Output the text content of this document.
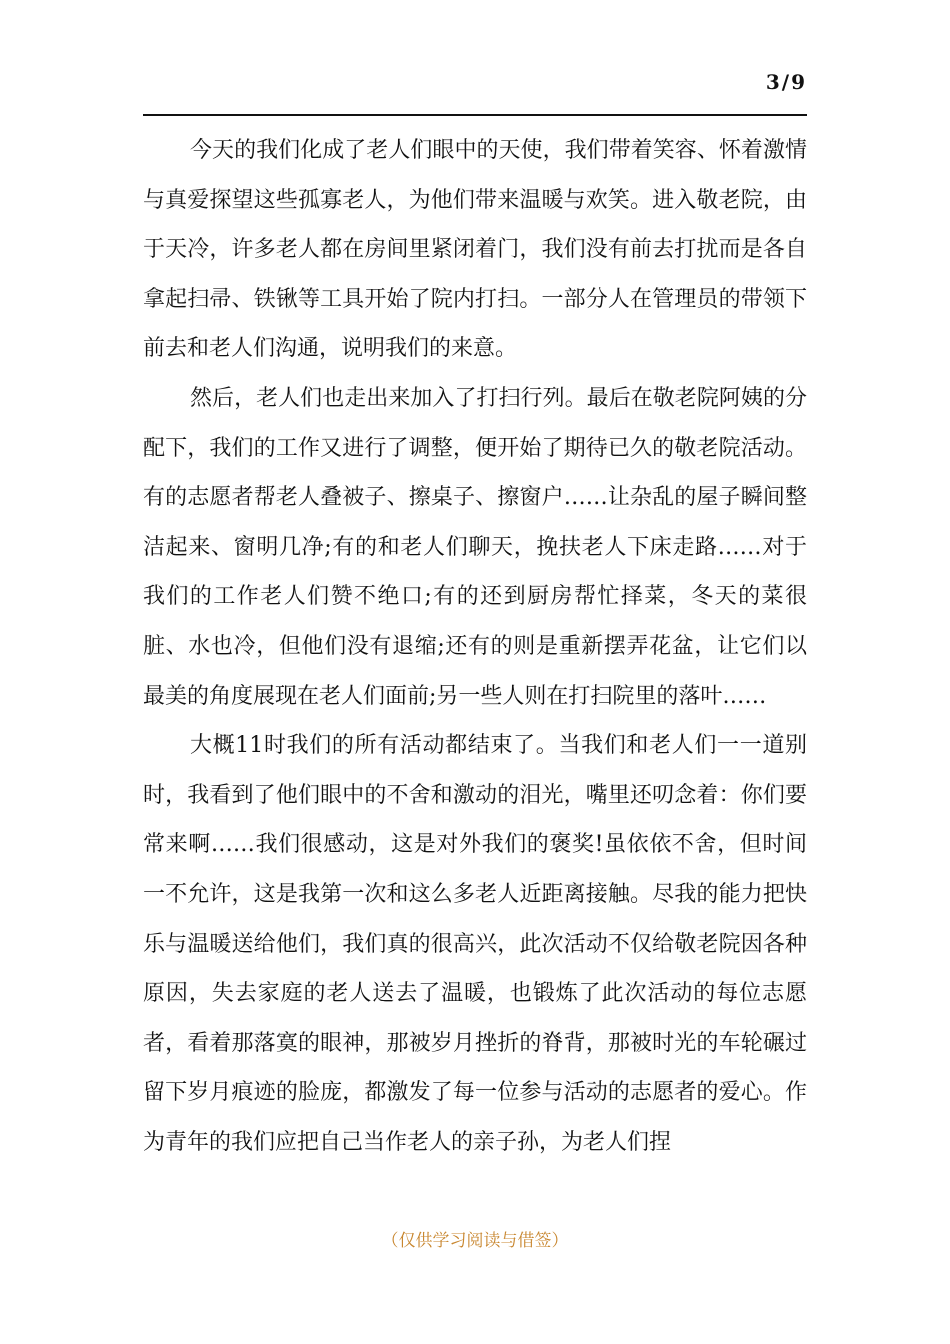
3/9

今天的我们化成了老人们眼中的天使，我们带着笑容、怀着激情与真爱探望这些孤寡老人，为他们带来温暖与欢笑。进入敬老院，由于天冷，许多老人都在房间里紧闭着门，我们没有前去打扰而是各自拿起扫帚、铁锹等工具开始了院内打扫。一部分人在管理员的带领下前去和老人们沟通，说明我们的来意。

然后，老人们也走出来加入了打扫行列。最后在敬老院阿姨的分配下，我们的工作又进行了调整，便开始了期待已久的敬老院活动。有的志愿者帮老人叠被子、擦桌子、擦窗户……让杂乱的屋子瞬间整洁起来、窗明几净;有的和老人们聊天，挽扶老人下床走路……对于我们的工作老人们赞不绝口;有的还到厨房帮忙择菜，冬天的菜很脏、水也冷，但他们没有退缩;还有的则是重新摆弄花盆，让它们以最美的角度展现在老人们面前;另一些人则在打扫院里的落叶……

大概11时我们的所有活动都结束了。当我们和老人们一一道别时，我看到了他们眼中的不舍和激动的泪光，嘴里还叨念着：你们要常来啊……我们很感动，这是对外我们的褒奖!虽依依不舍，但时间一不允许，这是我第一次和这么多老人近距离接触。尽我的能力把快乐与温暖送给他们，我们真的很高兴，此次活动不仅给敬老院因各种原因，失去家庭的老人送去了温暖，也锻炼了此次活动的每位志愿者，看着那落寞的眼神，那被岁月挫折的脊背，那被时光的车轮碾过留下岁月痕迹的脸庞，都激发了每一位参与活动的志愿者的爱心。作为青年的我们应把自己当作老人的亲子孙，为老人们捏

（仅供学习阅读与借签）
